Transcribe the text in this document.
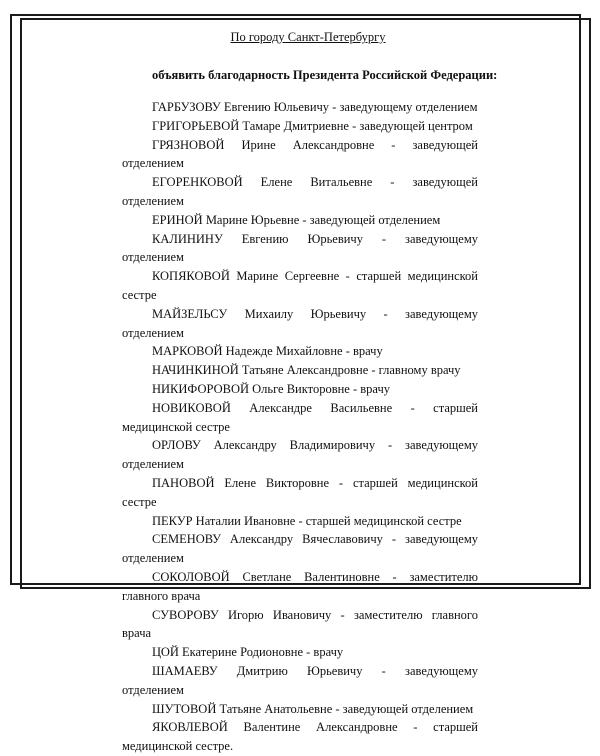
По городу Санкт-Петербургу
объявить благодарность Президента Российской Федерации:

ГАРБУЗОВУ Евгению Юльевичу - заведующему отделением

ГРИГОРЬЕВОЙ Тамаре Дмитриевне - заведующей центром

ГРЯЗНОВОЙ Ирине Александровне - заведующей отделением

ЕГОРЕНКОВОЙ Елене Витальевне - заведующей отделением

ЕРИНОЙ Марине Юрьевне - заведующей отделением

КАЛИНИНУ Евгению Юрьевичу - заведующему отделением

КОПЯКОВОЙ Марине Сергеевне - старшей медицинской сестре

МАЙЗЕЛЬСУ Михаилу Юрьевичу - заведующему отделением

МАРКОВОЙ Надежде Михайловне - врачу

НАЧИНКИНОЙ Татьяне Александровне - главному врачу

НИКИФОРОВОЙ Ольге Викторовне - врачу

НОВИКОВОЙ Александре Васильевне - старшей медицинской сестре

ОРЛОВУ Александру Владимировичу - заведующему отделением

ПАНОВОЙ Елене Викторовне - старшей медицинской сестре

ПЕКУР Наталии Ивановне - старшей медицинской сестре

СЕМЕНОВУ Александру Вячеславовичу - заведующему отделением

СОКОЛОВОЙ Светлане Валентиновне - заместителю главного врача

СУВОРОВУ Игорю Ивановичу - заместителю главного врача

ЦОЙ Екатерине Родионовне - врачу

ШАМАЕВУ Дмитрию Юрьевичу - заведующему отделением

ШУТОВОЙ Татьяне Анатольевне - заведующей отделением

ЯКОВЛЕВОЙ Валентине Александровне - старшей медицинской сестре.
